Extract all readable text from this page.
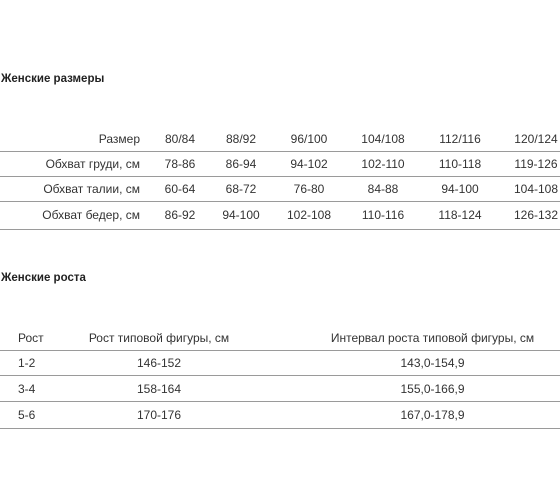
Женские размеры
Размер	80/84	88/92	96/100	104/108	112/116	120/124
Обхват груди, см	78-86	86-94	94-102	102-110	110-118	119-126
Обхват талии, см	60-64	68-72	76-80	84-88	94-100	104-108
Обхват бедер, см	86-92	94-100	102-108	110-116	118-124	126-132
Женские роста
Рост	Рост типовой фигуры, см	Интервал роста типовой фигуры, см
1-2	146-152	143,0-154,9
3-4	158-164	155,0-166,9
5-6	170-176	167,0-178,9
